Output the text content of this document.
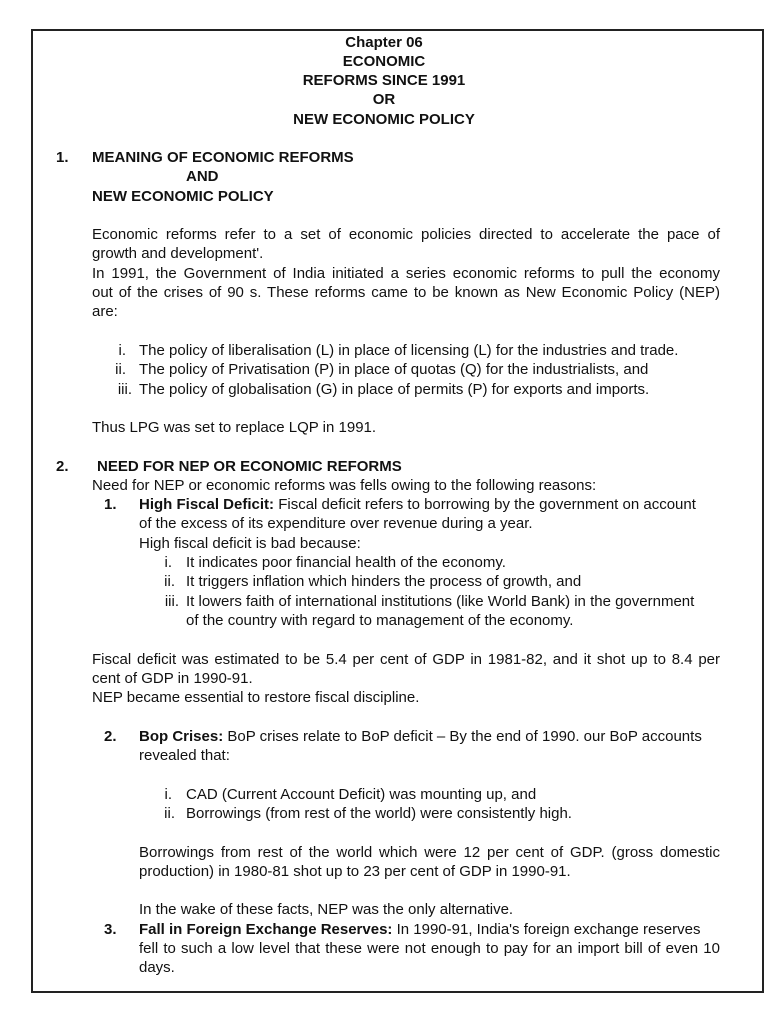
Chapter 06

ECONOMIC

REFORMS SINCE 1991

OR

NEW ECONOMIC POLICY

1. MEANING OF ECONOMIC REFORMS

AND

NEW ECONOMIC POLICY

Economic reforms refer to a set of economic policies directed to accelerate the pace of

growth and development'.

In 1991, the Government of India initiated a series economic reforms to pull the economy

out of the crises of 90 s. These reforms came to be known as New Economic Policy (NEP)

are:

i. The policy of liberalisation (L) in place of licensing (L) for the industries and trade.

ii. The policy of Privatisation (P) in place of quotas (Q) for the industrialists, and

iii. The policy of globalisation (G) in place of permits (P) for exports and imports.

Thus LPG was set to replace LQP in 1991.

2. NEED FOR NEP OR ECONOMIC REFORMS

Need for NEP or economic reforms was fells owing to the following reasons:

1. High Fiscal Deficit: Fiscal deficit refers to borrowing by the government on account

of the excess of its expenditure over revenue during a year.

High fiscal deficit is bad because:

i. It indicates poor financial health of the economy.

ii. It triggers inflation which hinders the process of growth, and

iii. It lowers faith of international institutions (like World Bank) in the government

of the country with regard to management of the economy.

Fiscal deficit was estimated to be 5.4 per cent of GDP in 1981-82, and it shot up to 8.4 per

cent of GDP in 1990-91.

NEP became essential to restore fiscal discipline.

2. Bop Crises: BoP crises relate to BoP deficit – By the end of 1990. our BoP accounts

revealed that:

i. CAD (Current Account Deficit) was mounting up, and

ii. Borrowings (from rest of the world) were consistently high.

Borrowings from rest of the world which were 12 per cent of GDP. (gross domestic

production) in 1980-81 shot up to 23 per cent of GDP in 1990-91.

In the wake of these facts, NEP was the only alternative.

3. Fall in Foreign Exchange Reserves: In 1990-91, India's foreign exchange reserves

fell to such a low level that these were not enough to pay for an import bill of even 10

days.
